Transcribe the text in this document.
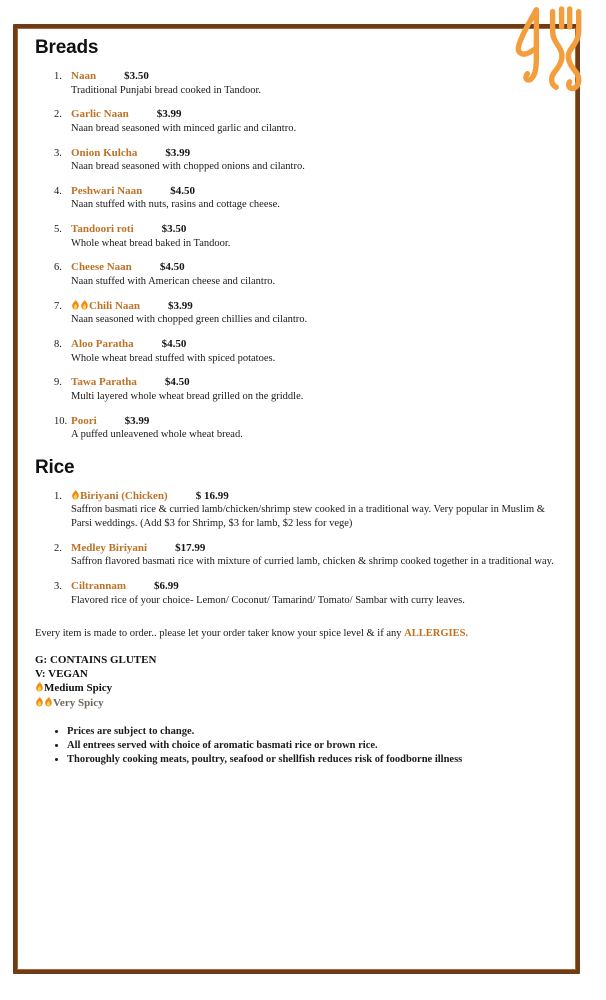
Breads
1. Naan	$3.50
Traditional Punjabi bread cooked in Tandoor.
2. Garlic Naan	$3.99
Naan bread seasoned with minced garlic and cilantro.
3. Onion Kulcha	$3.99
Naan bread seasoned with chopped onions and cilantro.
4. Peshwari Naan	$4.50
Naan stuffed with nuts, rasins and cottage cheese.
5. Tandoori roti	$3.50
Whole wheat bread baked in Tandoor.
6. Cheese Naan	$4.50
Naan stuffed with American cheese and cilantro.
7. Chili Naan	$3.99
Naan seasoned with chopped green chillies and cilantro.
8. Aloo Paratha	$4.50
Whole wheat bread stuffed with spiced potatoes.
9. Tawa Paratha	$4.50
Multi layered whole wheat bread grilled on the griddle.
10. Poori	$3.99
A puffed unleavened whole wheat bread.
Rice
1. Biriyani (Chicken)	$ 16.99
Saffron basmati rice & curried lamb/chicken/shrimp stew cooked in a traditional way. Very popular in Muslim & Parsi weddings. (Add $3 for Shrimp, $3 for lamb, $2 less for vege)
2. Medley Biriyani	$17.99
Saffron flavored basmati rice with mixture of curried lamb, chicken & shrimp cooked together in a traditional way.
3. Ciltrannam	$6.99
Flavored rice of your choice- Lemon/ Coconut/ Tamarind/ Tomato/ Sambar with curry leaves.

Every item is made to order.. please let your order taker know your spice level & if any ALLERGIES.

G: CONTAINS GLUTEN
V: VEGAN
Medium Spicy
Very Spicy
• Prices are subject to change.
• All entrees served with choice of aromatic basmati rice or brown rice.
• Thoroughly cooking meats, poultry, seafood or shellfish reduces risk of foodborne illness
